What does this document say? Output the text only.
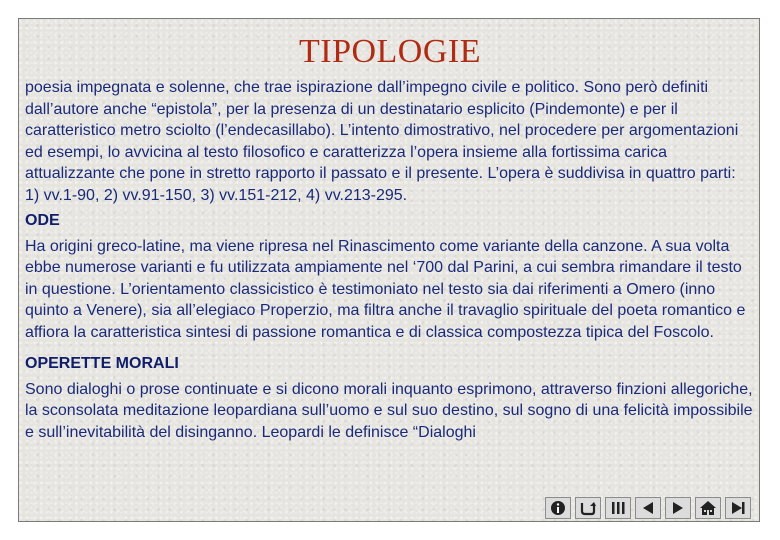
TIPOLOGIE

poesia impegnata e solenne, che trae ispirazione dall’impegno civile e politico. Sono però definiti dall’autore anche “epistola”, per la presenza di un destinatario esplicito (Pindemonte) e per il caratteristico metro sciolto (l’endecasillabo). L’intento dimostrativo, nel procedere per argomentazioni ed esempi, lo avvicina al testo filosofico e caratterizza l’opera insieme alla fortissima carica attualizzante che pone in stretto rapporto il passato e il presente. L’opera è suddivisa in quattro parti: 1) vv.1-90, 2) vv.91-150, 3) vv.151-212, 4) vv.213-295.

ODE

Ha origini greco-latine, ma viene ripresa nel Rinascimento come variante della canzone. A sua volta ebbe numerose varianti e fu utilizzata ampiamente nel ‘700 dal Parini, a cui sembra rimandare il testo in questione. L’orientamento classicistico è testimoniato nel testo sia dai riferimenti a Omero (inno quinto a Venere), sia all’elegiaco Properzio, ma filtra anche il travaglio spirituale del poeta romantico e affiora la caratteristica sintesi di passione romantica e di classica compostezza tipica del Foscolo.

OPERETTE MORALI

Sono dialoghi o prose continuate e si dicono morali inquanto esprimono, attraverso finzioni allegoriche, la sconsolata meditazione leopardiana sull’uomo e sul suo destino, sul sogno di una felicità impossibile e sull’inevitabilità del disinganno. Leopardi le definisce “Dialoghi
